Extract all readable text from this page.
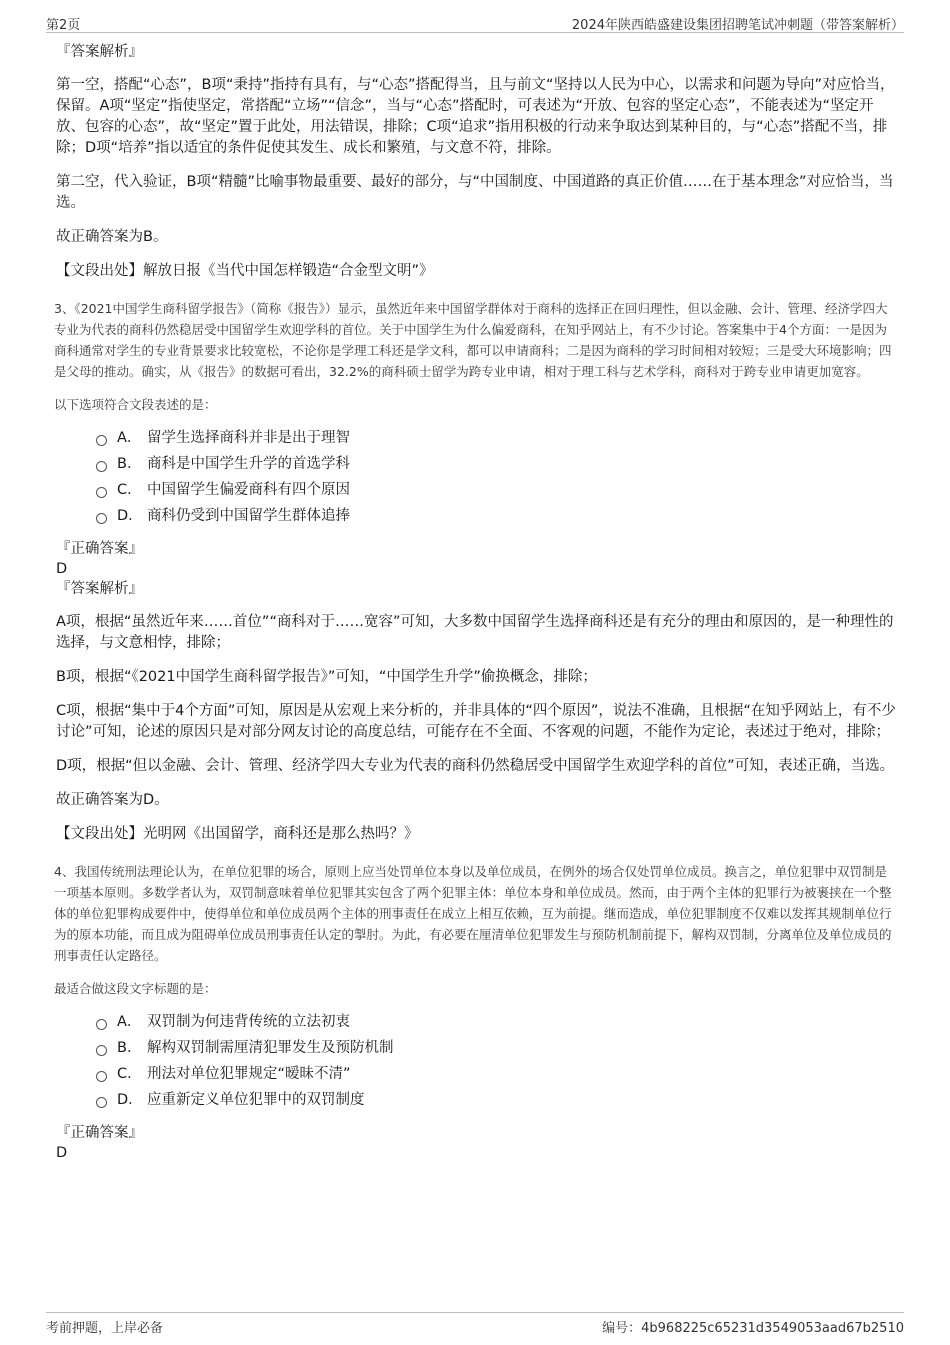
第2页	2024年陕西皓盛建设集团招聘笔试冲刺题（带答案解析）
『答案解析』
第一空，搭配“心态”，B项“秉持”指持有具有，与“心态”搭配得当，且与前文“坚持以人民为中心，以需求和问题为导向”对应恰当，保留。A项“坚定”指使坚定，常搭配“立场”“信念”，当与“心态”搭配时，可表述为“开放、包容的坚定心态”，不能表述为“坚定开放、包容的心态”，故“坚定”置于此处，用法错误，排除；C项“追求”指用积极的行动来争取达到某种目的，与“心态”搭配不当，排除；D项“培养”指以适宜的条件促使其发生、成长和繁殖，与文意不符，排除。
第二空，代入验证，B项“精髓”比喻事物最重要、最好的部分，与“中国制度、中国道路的真正价值……在于基本理念”对应恰当，当选。
故正确答案为B。
【文段出处】解放日报《当代中国怎样锻造“合金型文明”》
3、《2021中国学生商科留学报告》（简称《报告》）显示，虽然近年来中国留学群体对于商科的选择正在回归理性，但以金融、会计、管理、经济学四大专业为代表的商科仍然稳居受中国留学生欢迎学科的首位。关于中国学生为什么偏爱商科，在知乎网站上，有不少讨论。答案集中于4个方面：一是因为商科通常对学生的专业背景要求比较宽松，不论你是学理工科还是学文科，都可以申请商科；二是因为商科的学习时间相对较短；三是受大环境影响；四是父母的推动。确实，从《报告》的数据可看出，32.2%的商科硕士留学为跨专业申请，相对于理工科与艺术学科，商科对于跨专业申请更加宽容。
以下选项符合文段表述的是：
A． 留学生选择商科并非是出于理智
B． 商科是中国学生升学的首选学科
C． 中国留学生偏爱商科有四个原因
D． 商科仍受到中国留学生群体追捧
『正确答案』
D
『答案解析』
A项，根据“虽然近年来……首位”“商科对于……宽容”可知，大多数中国留学生选择商科还是有充分的理由和原因的，是一种理性的选择，与文意相悖，排除；
B项，根据“《2021中国学生商科留学报告》”可知，“中国学生升学”偷换概念，排除；
C项，根据“集中于4个方面”可知，原因是从宏观上来分析的，并非具体的“四个原因”，说法不准确，且根据“在知乎网站上，有不少讨论”可知，论述的原因只是对部分网友讨论的高度总结，可能存在不全面、不客观的问题，不能作为定论，表述过于绝对，排除；
D项，根据“但以金融、会计、管理、经济学四大专业为代表的商科仍然稳居受中国留学生欢迎学科的首位”可知，表述正确，当选。
故正确答案为D。
【文段出处】光明网《出国留学，商科还是那么热吗？》
4、我国传统刑法理论认为，在单位犯罪的场合，原则上应当处罚单位本身以及单位成员，在例外的场合仅处罚单位成员。换言之，单位犯罪中双罚制是一项基本原则。多数学者认为，双罚制意味着单位犯罪其实包含了两个犯罪主体：单位本身和单位成员。然而，由于两个主体的犯罪行为被裹挟在一个整体的单位犯罪构成要件中，使得单位和单位成员两个主体的刑事责任在成立上相互依赖，互为前提。继而造成，单位犯罪制度不仅难以发挥其规制单位行为的原本功能，而且成为阻碍单位成员刑事责任认定的掣肘。为此，有必要在厘清单位犯罪发生与预防机制前提下，解构双罚制，分离单位及单位成员的刑事责任认定路径。
最适合做这段文字标题的是：
A． 双罚制为何违背传统的立法初衷
B． 解构双罚制需厘清犯罪发生及预防机制
C． 刑法对单位犯罪规定“暧昧不清”
D． 应重新定义单位犯罪中的双罚制度
『正确答案』
D
考前押题，上岸必备	编号：4b968225c65231d3549053aad67b2510
